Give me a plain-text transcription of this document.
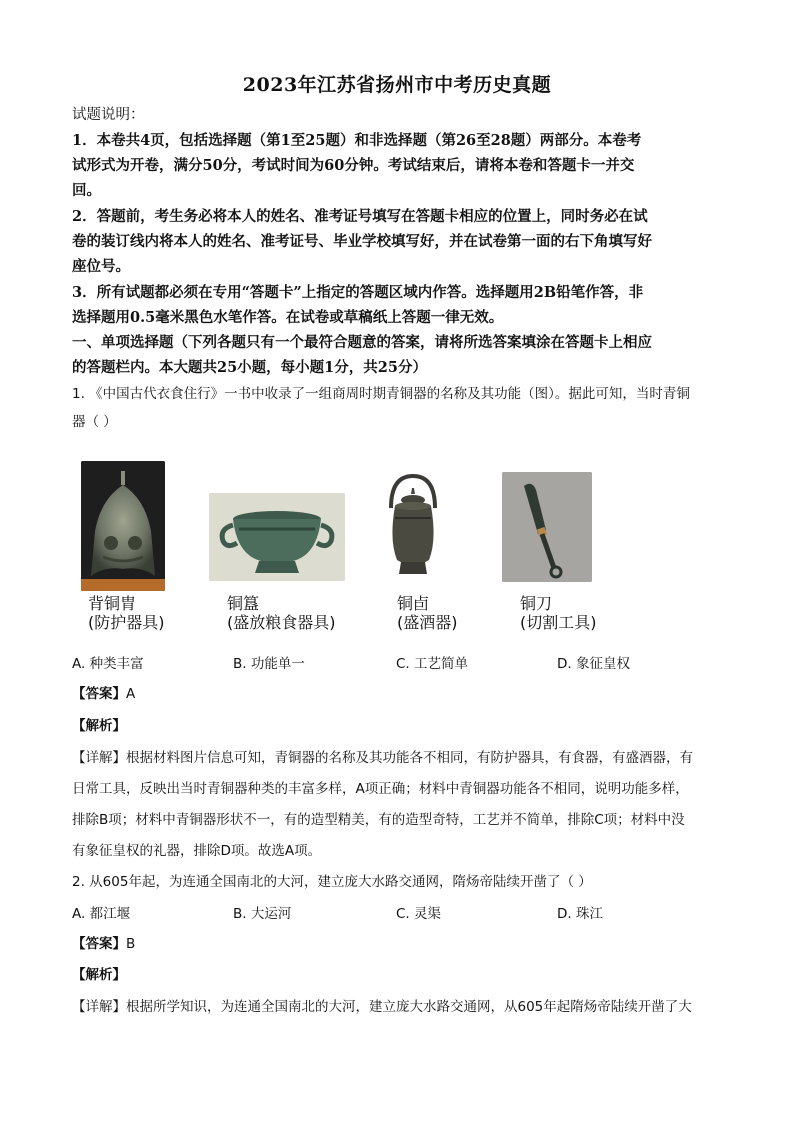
2023年江苏省扬州市中考历史真题
试题说明：
1．本卷共4页，包括选择题（第1至25题）和非选择题（第26至28题）两部分。本卷考
试形式为开卷，满分50分，考试时间为60分钟。考试结束后，请将本卷和答题卡一并交
回。
2．答题前，考生务必将本人的姓名、准考证号填写在答题卡相应的位置上，同时务必在试
卷的装订线内将本人的姓名、准考证号、毕业学校填写好，并在试卷第一面的右下角填写好
座位号。
3．所有试题都必须在专用“答题卡”上指定的答题区域内作答。选择题用2B铅笔作答，非
选择题用0.5毫米黑色水笔作答。在试卷或草稿纸上答题一律无效。
一、单项选择题（下列各题只有一个最符合题意的答案，请将所选答案填涂在答题卡上相应
的答题栏内。本大题共25小题，每小题1分，共25分）
1. 《中国古代衣食住行》一书中收录了一组商周时期青铜器的名称及其功能（图）。据此可知，当时青铜
器（ ）
背铜胄
(防护器具)
铜簋
(盛放粮食器具)
铜卣
(盛酒器)
铜刀
(切割工具)
A. 种类丰富	B. 功能单一	C. 工艺简单	D. 象征皇权
【答案】A
【解析】
【详解】根据材料图片信息可知，青铜器的名称及其功能各不相同，有防护器具，有食器，有盛酒器，有
日常工具，反映出当时青铜器种类的丰富多样，A项正确；材料中青铜器功能各不相同，说明功能多样，
排除B项；材料中青铜器形状不一，有的造型精美，有的造型奇特，工艺并不简单，排除C项；材料中没
有象征皇权的礼器，排除D项。故选A项。
2. 从605年起，为连通全国南北的大河，建立庞大水路交通网，隋炀帝陆续开凿了（ ）
A. 都江堰	B. 大运河	C. 灵渠	D. 珠江
【答案】B
【解析】
【详解】根据所学知识，为连通全国南北的大河，建立庞大水路交通网，从605年起隋炀帝陆续开凿了大
